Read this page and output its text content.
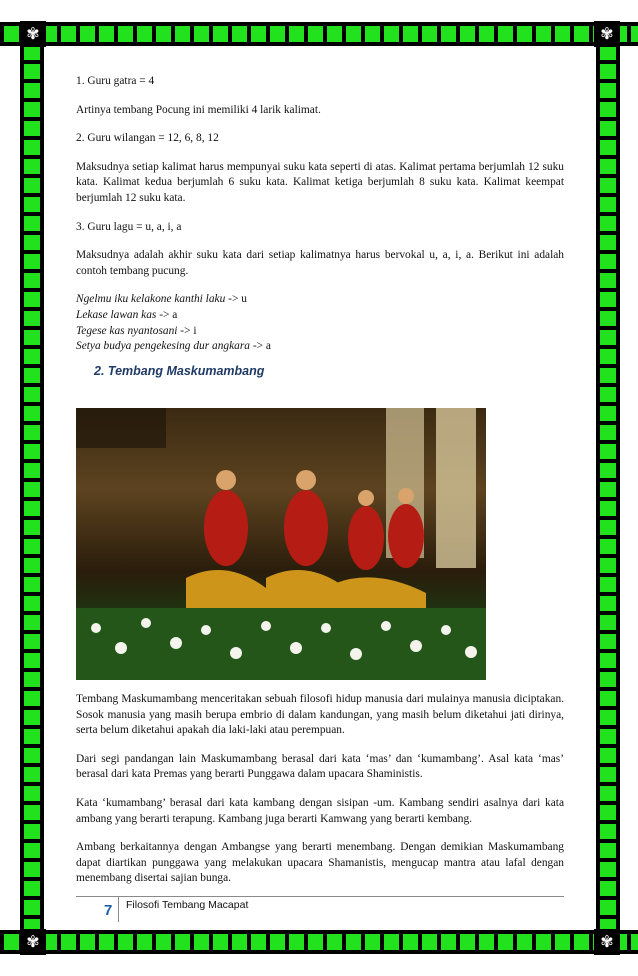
✾	✾
✾	✾

1. Guru gatra = 4

Artinya tembang Pocung ini memiliki 4 larik kalimat.

2. Guru wilangan = 12, 6, 8, 12

Maksudnya setiap kalimat harus mempunyai suku kata seperti di atas. Kalimat pertama berjumlah 12 suku kata. Kalimat kedua berjumlah 6 suku kata. Kalimat ketiga berjumlah 8 suku kata. Kalimat keempat berjumlah 12 suku kata.

3. Guru lagu = u, a, i, a

Maksudnya adalah akhir suku kata dari setiap kalimatnya harus bervokal u, a, i, a. Berikut ini adalah contoh tembang pucung.

Ngelmu iku kelakone kanthi laku -> u
Lekase lawan kas -> a
Tegese kas nyantosani -> i
Setya budya pengekesing dur angkara -> a
2. Tembang Maskumambang

Tembang Maskumambang menceritakan sebuah filosofi hidup manusia dari mulainya manusia diciptakan. Sosok manusia yang masih berupa embrio di dalam kandungan, yang masih belum diketahui jati dirinya, serta belum diketahui apakah dia laki-laki atau perempuan.

Dari segi pandangan lain Maskumambang berasal dari kata ‘mas’ dan ‘kumambang’. Asal kata ‘mas’ berasal dari kata Premas yang berarti Punggawa dalam upacara Shaministis.

Kata ‘kumambang’ berasal dari kata kambang dengan sisipan -um. Kambang sendiri asalnya dari kata ambang yang berarti terapung. Kambang juga berarti Kamwang yang berarti kembang.

Ambang berkaitannya dengan Ambangse yang berarti menembang. Dengan demikian Maskumambang dapat diartikan punggawa yang melakukan upacara Shamanistis, mengucap mantra atau lafal dengan menembang disertai sajian bunga.

7 Filosofi Tembang Macapat
